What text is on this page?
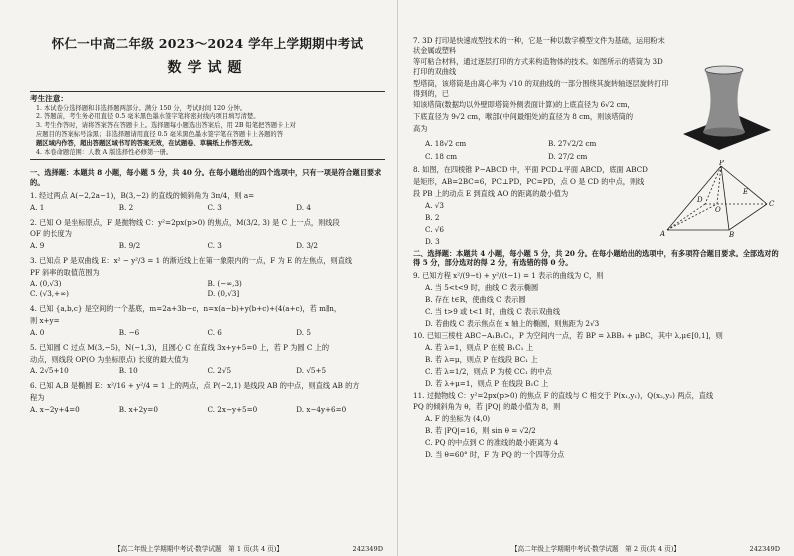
怀仁一中高二年级 2023～2024 学年上学期期中考试
数学试题
考生注意：

1. 本试卷分选择题和非选择题两部分。满分 150 分，考试时间 120 分钟。

2. 答题前，考生务必用直径 0.5 毫米黑色墨水签字笔将密封线内项目填写清楚。

3. 考生作答时，请将答案答在答题卡上。选择题每小题选出答案后，用 2B 铅笔把答题卡上对

应题目的答案标号涂黑；非选择题请用直径 0.5 毫米黑色墨水签字笔在答题卡上各题的答

题区域内作答，超出答题区域书写的答案无效，在试题卷、草稿纸上作答无效。

4. 本卷命题范围：人教 A 版选择性必修第一册。

一、选择题：本题共 8 小题，每小题 5 分，共 40 分。在每小题给出的四个选项中，只有一项是符合题目要求的。
1. 经过两点 A(−2,2a−1)，B(3,−2) 的直线的倾斜角为 3π/4，则 a=
A. 1	B. 2	C. 3	D. 4
2. 已知 O 是坐标原点，F 是抛物线 C：y²=2px(p>0) 的焦点，M(3/2, 3) 是 C 上一点，则线段
OF 的长度为
A. 9	B. 9/2	C. 3	D. 3/2
3. 已知点 P 是双曲线 E：x² − y²/3 = 1 的渐近线上在第一象限内的一点，F 为 E 的左焦点，则直线
PF 斜率的取值范围为
A. (0,√3)	B. (−∞,3)
C. (√3,+∞)	D. (0,√3]
4. 已知 {a,b,c} 是空间的一个基底，m=2a+3b−c，n=x(a−b)+y(b+c)+(4(a+c)，若 m∥n，
则 x+y=
A. 0	B. −6	C. 6	D. 5
5. 已知圆 C 过点 M(3,−5)，N(−1,3)，且圆心 C 在直线 3x+y+5=0 上，若 P 为圆 C 上的
动点，则线段 OP(O 为坐标原点) 长度的最大值为
A. 2√5+10	B. 10	C. 2√5	D. √5+5
6. 已知 A,B 是椭圆 E：x²/16 + y²/4 = 1 上的两点，点 P(−2,1) 是线段 AB 的中点，则直线 AB 的方
程为
A. x−2y+4=0	B. x+2y=0	C. 2x−y+5=0	D. x−4y+6=0
【高二年级上学期期中考试·数学试题　第 1 页(共 4 页)】	242349D
7. 3D 打印是快速成型技术的一种，它是一种以数字模型文件为基础，运用粉末状金属或塑料
等可粘合材料，通过逐层打印的方式来构造物体的技术。如图所示的塔筒为 3D 打印的双曲线
型塔筒，该塔筒是由离心率为 √10 的双曲线的一部分围绕其旋转轴逐层旋转打印得到的，已
知该塔筒(数据均以外壁即塔筒外侧表面计算)的上底直径为 6√2 cm，
下底直径为 9√2 cm，喉部(中间最细处)的直径为 8 cm，则该塔筒的
高为
A. 18√2 cm	B. 27√2/2 cm
C. 18 cm	D. 27/2 cm
8. 如图，在四棱锥 P−ABCD 中，平面 PCD⊥平面 ABCD，底面 ABCD
是矩形，AB=2BC=6，PC⊥PD，PC=PD，点 O 是 CD 的中点，则线
段 PB 上的动点 E 到直线 AO 的距离的最小值为
A. √3
B. 2
C. √6
D. 3
P
A	B
C
D
E
O
二、选择题：本题共 4 小题，每小题 5 分，共 20 分。在每小题给出的选项中，有多项符合题目要求。全部选对的得 5 分，部分选对的得 2 分，有选错的得 0 分。
9. 已知方程 x²/(9−t) + y²/(t−1) = 1 表示的曲线为 C，则
A. 当 5<t<9 时，曲线 C 表示椭圆
B. 存在 t∈R，使曲线 C 表示圆
C. 当 t>9 或 t<1 时，曲线 C 表示双曲线
D. 若曲线 C 表示焦点在 x 轴上的椭圆，则焦距为 2√3
10. 已知三棱柱 ABC−A₁B₁C₁，P 为空间内一点，若 BP = λBB₁ + μBC，其中 λ,μ∈[0,1]，则
A. 若 λ=1，则点 P 在棱 B₁C₁ 上
B. 若 λ=μ，则点 P 在线段 BC₁ 上
C. 若 λ=1/2，则点 P 为棱 CC₁ 的中点
D. 若 λ+μ=1，则点 P 在线段 B₁C 上
11. 过抛物线 C：y²=2px(p>0) 的焦点 F 的直线与 C 相交于 P(x₁,y₁)，Q(x₂,y₂) 两点，直线
PQ 的倾斜角为 θ，若 |PQ| 的最小值为 8，则
A. F 的坐标为 (4,0)
B. 若 |PQ|=16，则 sin θ = √2/2
C. PQ 的中点到 C 的准线的最小距离为 4
D. 当 θ=60° 时，F 为 PQ 的一个四等分点
【高二年级上学期期中考试·数学试题　第 2 页(共 4 页)】	242349D
